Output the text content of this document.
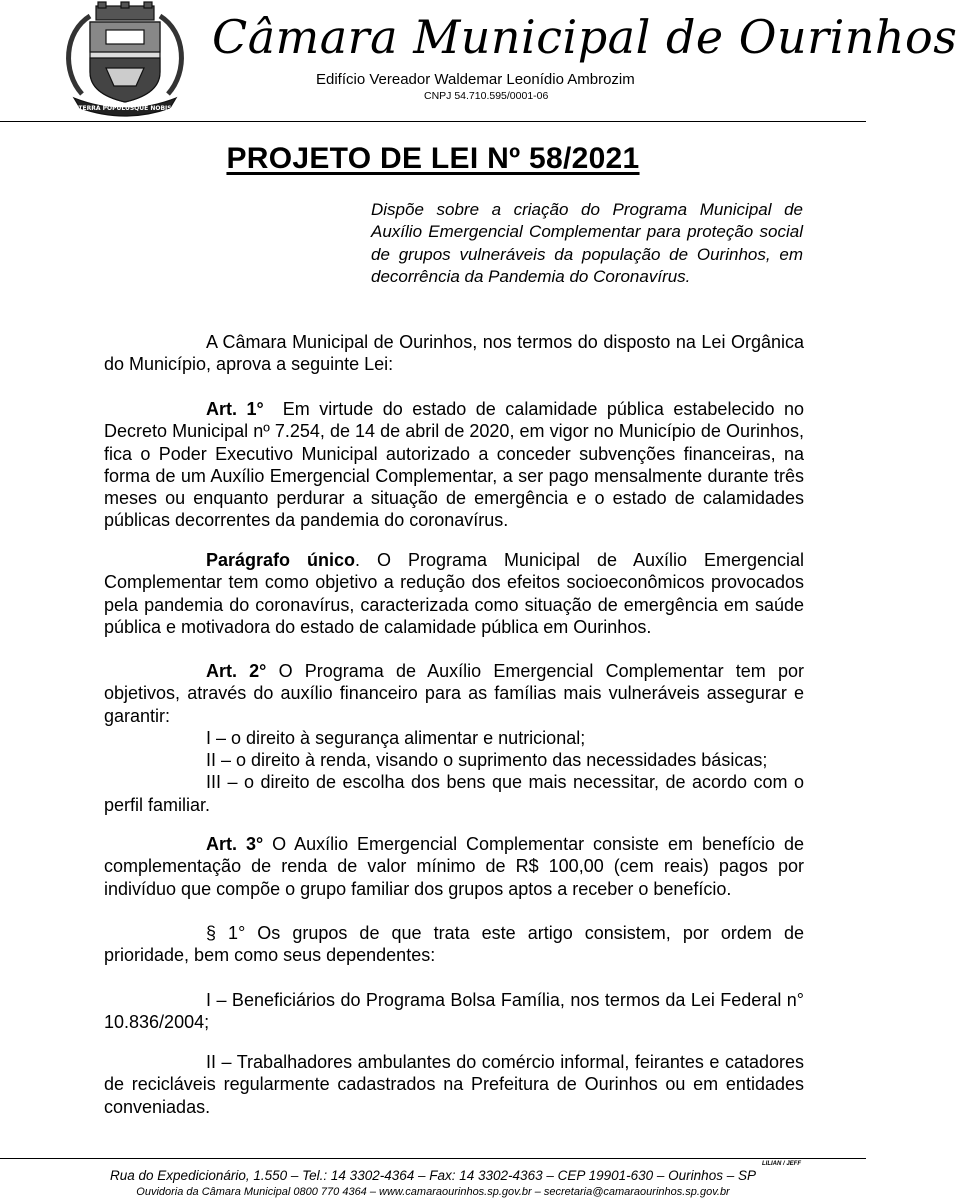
TERRA POPULUSQUE NOBIS
Câmara Municipal de Ourinhos
Edifício Vereador Waldemar Leonídio Ambrozim
CNPJ 54.710.595/0001-06
PROJETO DE LEI Nº 58/2021
Dispõe sobre a criação do Programa Municipal de Auxílio Emergencial Complementar para proteção social de grupos vulneráveis da população de Ourinhos, em decorrência da Pandemia do Coronavírus.

A Câmara Municipal de Ourinhos, nos termos do disposto na Lei Orgânica do Município, aprova a seguinte Lei:

Art. 1° Em virtude do estado de calamidade pública estabelecido no Decreto Municipal nº 7.254, de 14 de abril de 2020, em vigor no Município de Ourinhos, fica o Poder Executivo Municipal autorizado a conceder subvenções financeiras, na forma de um Auxílio Emergencial Complementar, a ser pago mensalmente durante três meses ou enquanto perdurar a situação de emergência e o estado de calamidades públicas decorrentes da pandemia do coronavírus.

Parágrafo único. O Programa Municipal de Auxílio Emergencial Complementar tem como objetivo a redução dos efeitos socioeconômicos provocados pela pandemia do coronavírus, caracterizada como situação de emergência em saúde pública e motivadora do estado de calamidade pública em Ourinhos.

Art. 2° O Programa de Auxílio Emergencial Complementar tem por objetivos, através do auxílio financeiro para as famílias mais vulneráveis assegurar e garantir:

I – o direito à segurança alimentar e nutricional;

II – o direito à renda, visando o suprimento das necessidades básicas;

III – o direito de escolha dos bens que mais necessitar, de acordo com o perfil familiar.

Art. 3° O Auxílio Emergencial Complementar consiste em benefício de complementação de renda de valor mínimo de R$ 100,00 (cem reais) pagos por indivíduo que compõe o grupo familiar dos grupos aptos a receber o benefício.

§ 1° Os grupos de que trata este artigo consistem, por ordem de prioridade, bem como seus dependentes:

I – Beneficiários do Programa Bolsa Família, nos termos da Lei Federal n° 10.836/2004;

II – Trabalhadores ambulantes do comércio informal, feirantes e catadores de recicláveis regularmente cadastrados na Prefeitura de Ourinhos ou em entidades conveniadas.

LILIAN / JEFF
Rua do Expedicionário, 1.550 – Tel.: 14 3302-4364 – Fax: 14 3302-4363 – CEP 19901-630 – Ourinhos – SP
Ouvidoria da Câmara Municipal 0800 770 4364 – www.camaraourinhos.sp.gov.br – secretaria@camaraourinhos.sp.gov.br
